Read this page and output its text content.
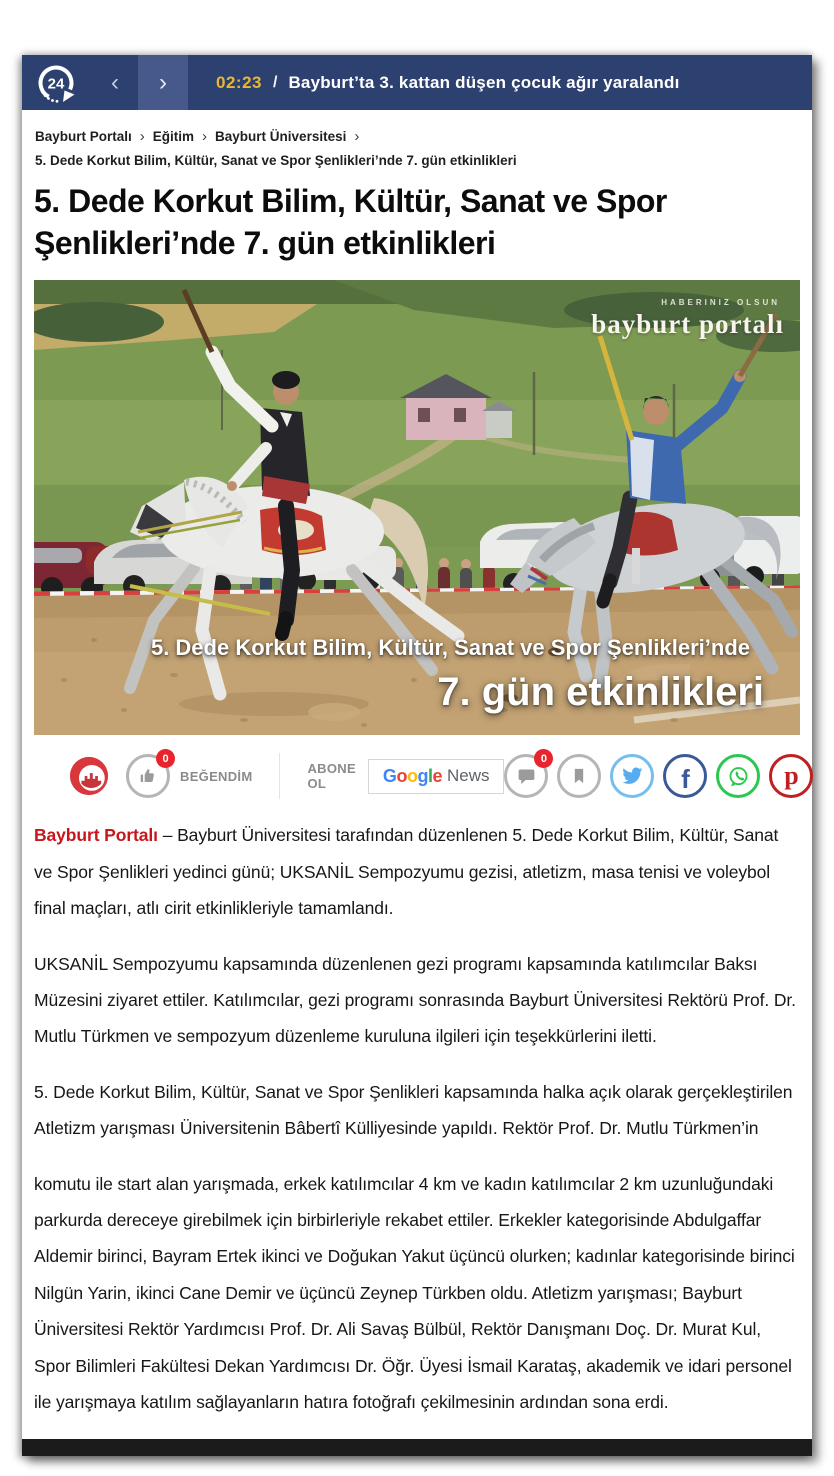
24	‹	›	02:23 / Bayburt’ta 3. kattan düşen çocuk ağır yaralandı
Bayburt Portalı › Eğitim › Bayburt Üniversitesi ›
5. Dede Korkut Bilim, Kültür, Sanat ve Spor Şenlikleri’nde 7. gün etkinlikleri
5. Dede Korkut Bilim, Kültür, Sanat ve Spor Şenlikleri’nde 7. gün etkinlikleri
HABERINIZ OLSUN
bayburt portalı
5. Dede Korkut Bilim, Kültür, Sanat ve Spor Şenlikleri’nde
7. gün etkinlikleri
0
BEĞENDİM	ABONE OL	Google News
0
f	p

Bayburt Portalı – Bayburt Üniversitesi tarafından düzenlenen 5. Dede Korkut Bilim, Kültür, Sanat ve Spor Şenlikleri yedinci günü; UKSANİL Sempozyumu gezisi, atletizm, masa tenisi ve voleybol final maçları, atlı cirit etkinlikleriyle tamamlandı.

UKSANİL Sempozyumu kapsamında düzenlenen gezi programı kapsamında katılımcılar Baksı Müzesini ziyaret ettiler. Katılımcılar, gezi programı sonrasında Bayburt Üniversitesi Rektörü Prof. Dr. Mutlu Türkmen ve sempozyum düzenleme kuruluna ilgileri için teşekkürlerini iletti.

5. Dede Korkut Bilim, Kültür, Sanat ve Spor Şenlikleri kapsamında halka açık olarak gerçekleştirilen Atletizm yarışması Üniversitenin Bâbertî Külliyesinde yapıldı. Rektör Prof. Dr. Mutlu Türkmen’in

komutu ile start alan yarışmada, erkek katılımcılar 4 km ve kadın katılımcılar 2 km uzunluğundaki parkurda dereceye girebilmek için birbirleriyle rekabet ettiler. Erkekler kategorisinde Abdulgaffar Aldemir birinci, Bayram Ertek ikinci ve Doğukan Yakut üçüncü olurken; kadınlar kategorisinde birinci Nilgün Yarin, ikinci Cane Demir ve üçüncü Zeynep Türkben oldu. Atletizm yarışması; Bayburt Üniversitesi Rektör Yardımcısı Prof. Dr. Ali Savaş Bülbül, Rektör Danışmanı Doç. Dr. Murat Kul, Spor Bilimleri Fakültesi Dekan Yardımcısı Dr. Öğr. Üyesi İsmail Karataş, akademik ve idari personel ile yarışmaya katılım sağlayanların hatıra fotoğrafı çekilmesinin ardından sona erdi.
